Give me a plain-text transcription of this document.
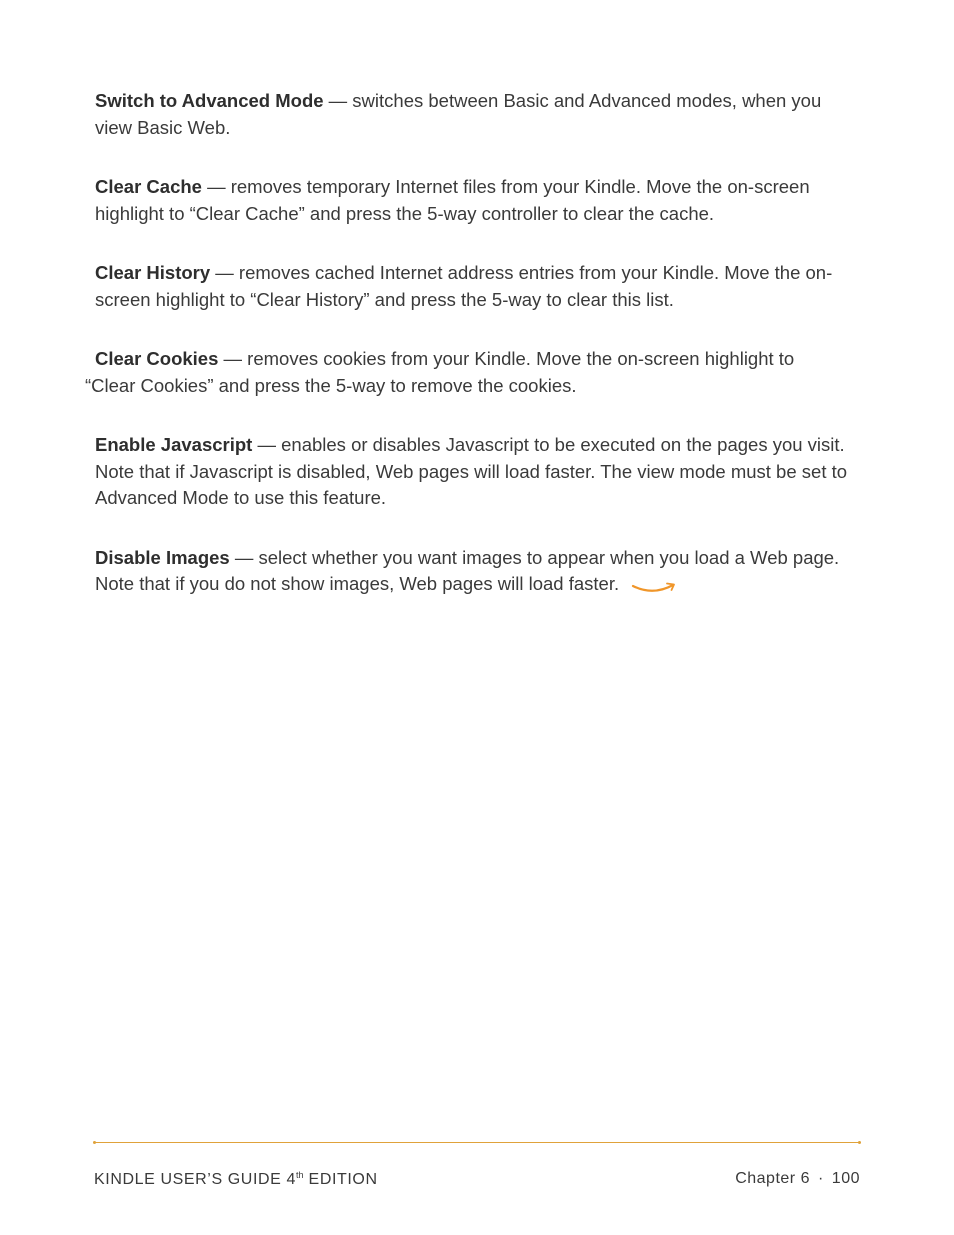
Switch to Advanced Mode — switches between Basic and Advanced modes, when you view Basic Web.

Clear Cache — removes temporary Internet files from your Kindle. Move the on-screen highlight to “Clear Cache” and press the 5-way controller to clear the cache.

Clear History — removes cached Internet address entries from your Kindle. Move the on-screen highlight to “Clear History” and press the 5-way to clear this list.

Clear Cookies — removes cookies from your Kindle. Move the on-screen highlight to
“Clear Cookies” and press the 5-way to remove the cookies.

Enable Javascript — enables or disables Javascript to be executed on the pages you visit. Note that if Javascript is disabled, Web pages will load faster. The view mode must be set to Advanced Mode to use this feature.

Disable Images — select whether you want images to appear when you load a Web page. Note that if you do not show images, Web pages will load faster.

KINDLE USER’S GUIDE 4th EDITION	Chapter 6 · 100
